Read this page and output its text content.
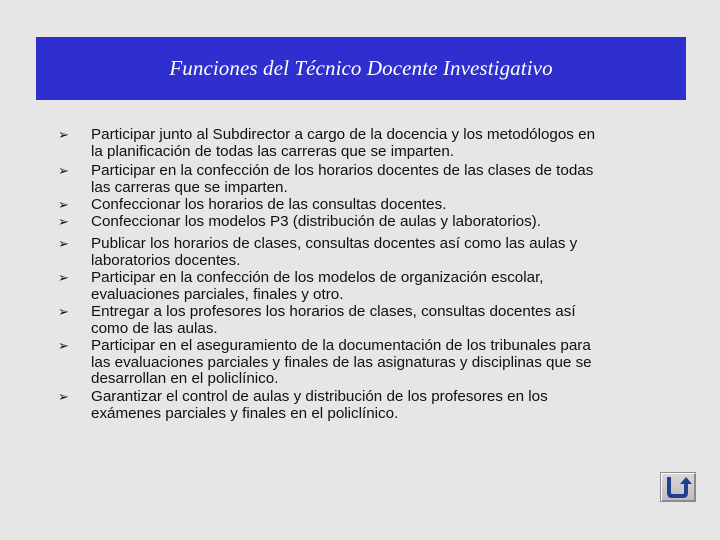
Funciones del Técnico Docente Investigativo
➢	Participar junto al Subdirector a cargo de la docencia y los metodólogos en
la planificación de todas las carreras que se imparten.
➢	Participar en la confección de los horarios docentes de las clases de todas
las carreras que se imparten.
➢	Confeccionar los horarios de las consultas docentes.
➢	Confeccionar los modelos P3 (distribución de aulas y laboratorios).
➢	Publicar los horarios de clases, consultas docentes así como las aulas y
laboratorios docentes.
➢	Participar en la confección de los modelos de organización escolar,
evaluaciones parciales, finales y otro.
➢	Entregar a los profesores los horarios de clases, consultas docentes así
como de las aulas.
➢	Participar en el aseguramiento de la documentación de los tribunales para
las evaluaciones parciales y finales de las asignaturas y disciplinas que se
desarrollan en el policlínico.
➢	Garantizar el control de aulas y distribución de los profesores en los
exámenes parciales y finales en el policlínico.
